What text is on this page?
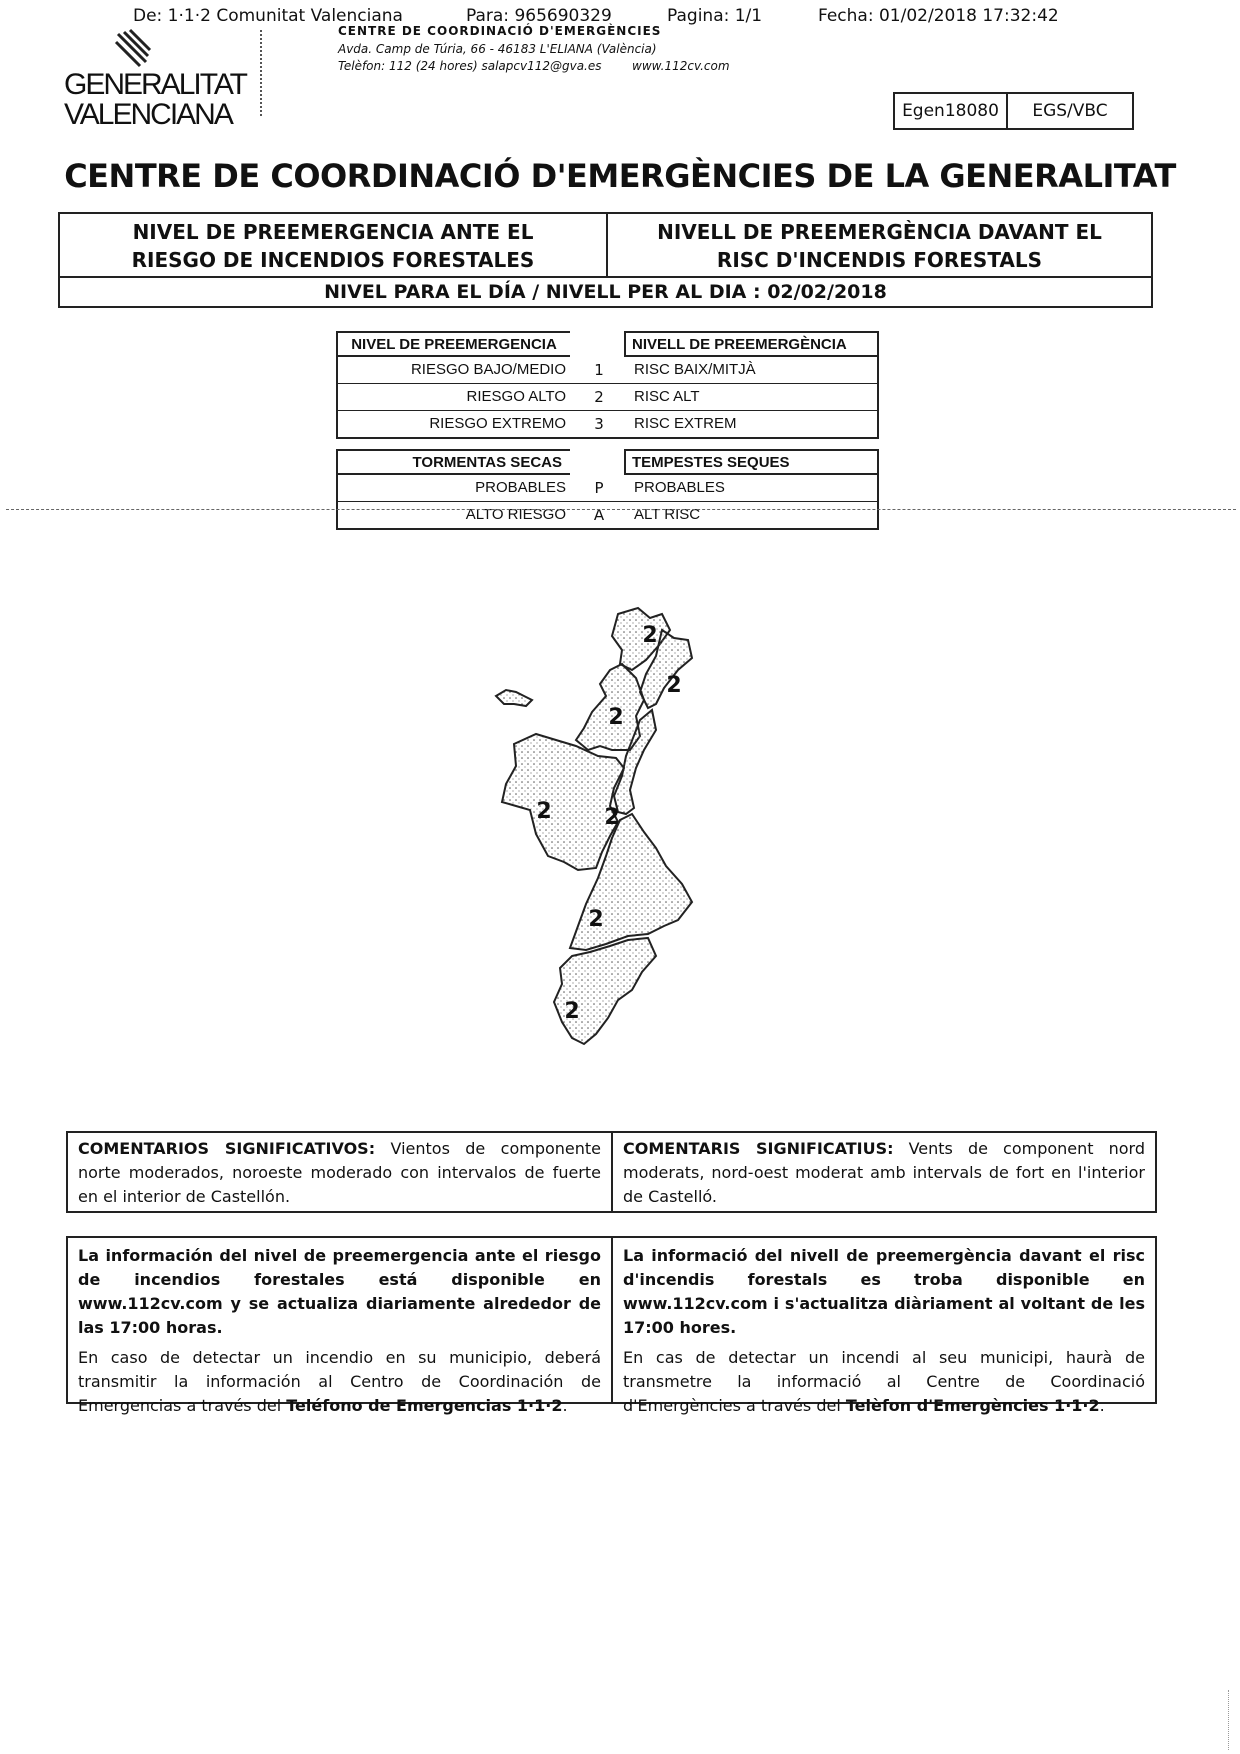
De: 1·1·2 Comunitat Valenciana	Para: 965690329	Pagina: 1/1	Fecha: 01/02/2018 17:32:42
GENERALITAT
VALENCIANA
CENTRE DE COORDINACIÓ D'EMERGÈNCIES
Avda. Camp de Túria, 66 - 46183 L'ELIANA (València)
Telèfon: 112 (24 hores) salapcv112@gva.es	www.112cv.com
Egen18080	EGS/VBC
CENTRE DE COORDINACIÓ D'EMERGÈNCIES DE LA GENERALITAT
NIVEL DE PREEMERGENCIA ANTE EL RIESGO DE INCENDIOS FORESTALES
NIVELL DE PREEMERGÈNCIA DAVANT EL RISC D'INCENDIS FORESTALS
NIVEL PARA EL DÍA / NIVELL PER AL DIA : 02/02/2018
NIVEL DE PREEMERGENCIA	NIVELL DE PREEMERGÈNCIA
RIESGO BAJO/MEDIO	1	RISC BAIX/MITJÀ
RIESGO ALTO	2	RISC ALT
RIESGO EXTREMO	3	RISC EXTREM
TORMENTAS SECAS	TEMPESTES SEQUES
PROBABLES	P	PROBABLES
ALTO RIESGO	A	ALT RISC
2
2
2
2 2
2
2
COMENTARIOS SIGNIFICATIVOS: Vientos de componente norte moderados, noroeste moderado con intervalos de fuerte en el interior de Castellón.
COMENTARIS SIGNIFICATIUS: Vents de component nord moderats, nord-oest moderat amb intervals de fort en l'interior de Castelló.
La información del nivel de preemergencia ante el riesgo de incendios forestales está disponible en www.112cv.com y se actualiza diariamente alrededor de las 17:00 horas.
En caso de detectar un incendio en su municipio, deberá transmitir la información al Centro de Coordinación de Emergencias a través del Teléfono de Emergencias 1·1·2.
La informació del nivell de preemergència davant el risc d'incendis forestals es troba disponible en www.112cv.com i s'actualitza diàriament al voltant de les 17:00 hores.
En cas de detectar un incendi al seu municipi, haurà de transmetre la informació al Centre de Coordinació d'Emergències a través del Telèfon d'Emergències 1·1·2.
